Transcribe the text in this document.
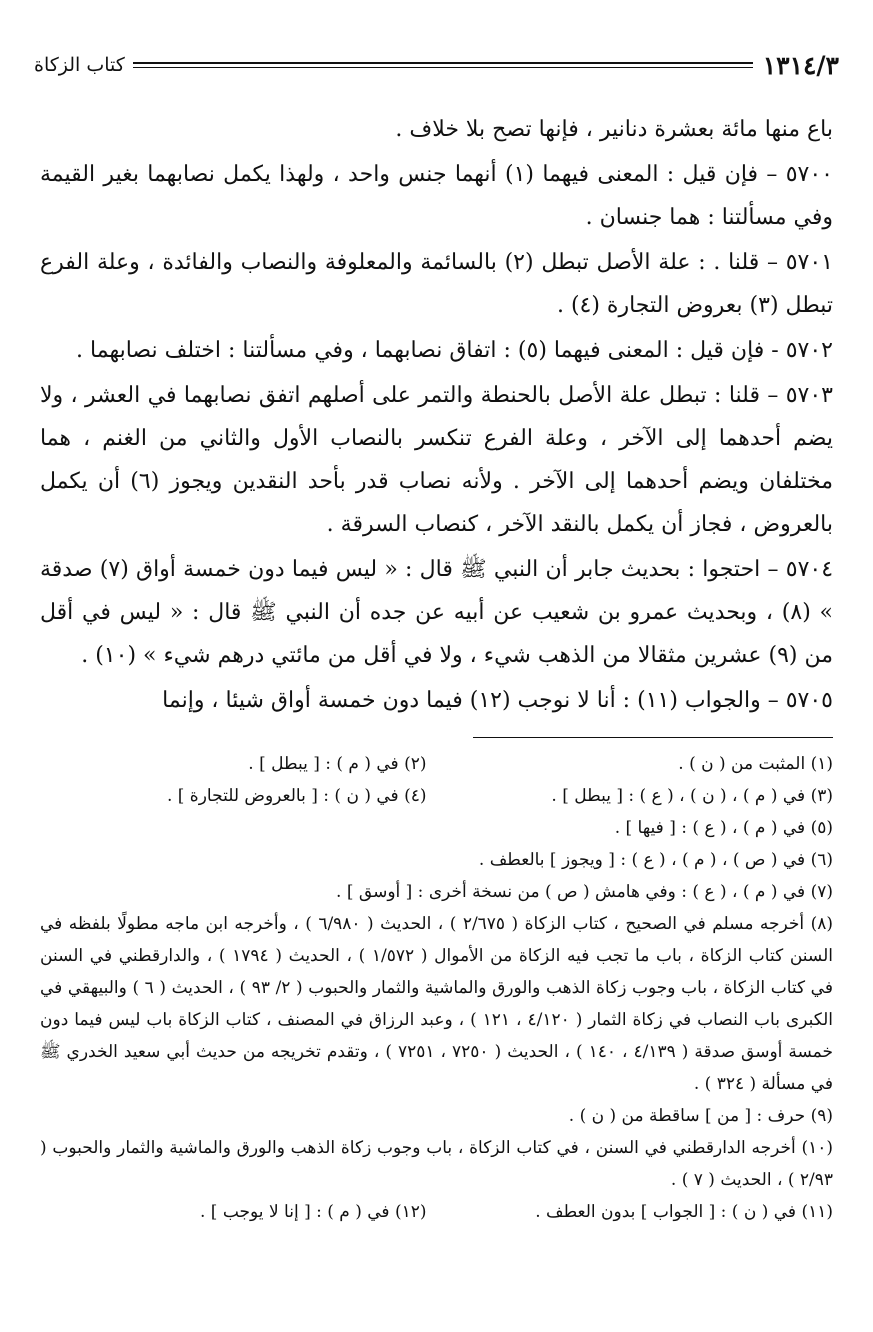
١٣١٤/٣
كتاب الزكاة

باع منها مائة بعشرة دنانير ، فإنها تصح بلا خلاف .

٥٧٠٠ – فإن قيل : المعنى فيهما (١) أنهما جنس واحد ، ولهذا يكمل نصابهما بغير القيمة وفي مسألتنا : هما جنسان .

٥٧٠١ – قلنا . : علة الأصل تبطل (٢) بالسائمة والمعلوفة والنصاب والفائدة ، وعلة الفرع تبطل (٣) بعروض التجارة (٤) .

٥٧٠٢ - فإن قيل : المعنى فيهما (٥) : اتفاق نصابهما ، وفي مسألتنا : اختلف نصابهما .

٥٧٠٣ – قلنا : تبطل علة الأصل بالحنطة والتمر على أصلهم اتفق نصابهما في العشر ، ولا يضم أحدهما إلى الآخر ، وعلة الفرع تنكسر بالنصاب الأول والثاني من الغنم ، هما مختلفان ويضم أحدهما إلى الآخر . ولأنه نصاب قدر بأحد النقدين ويجوز (٦) أن يكمل بالعروض ، فجاز أن يكمل بالنقد الآخر ، كنصاب السرقة .

٥٧٠٤ – احتجوا : بحديث جابر أن النبي ﷺ قال : « ليس فيما دون خمسة أواق (٧) صدقة » (٨) ، وبحديث عمرو بن شعيب عن أبيه عن جده أن النبي ﷺ قال : « ليس في أقل من (٩) عشرين مثقالا من الذهب شيء ، ولا في أقل من مائتي درهم شيء » (١٠) .

٥٧٠٥ – والجواب (١١) : أنا لا نوجب (١٢) فيما دون خمسة أواق شيئا ، وإنما

(١) المثبت من ( ن ) .
(٢) في ( م ) : [ يبطل ] .
(٣) في ( م ) ، ( ن ) ، ( ع ) : [ يبطل ] .
(٤) في ( ن ) : [ بالعروض للتجارة ] .
(٥) في ( م ) ، ( ع ) : [ فيها ] .
(٦) في ( ص ) ، ( م ) ، ( ع ) : [ ويجوز ] بالعطف .
(٧) في ( م ) ، ( ع ) : وفي هامش ( ص ) من نسخة أخرى : [ أوسق ] .
(٨) أخرجه مسلم في الصحيح ، كتاب الزكاة ( ٢/٦٧٥ ) ، الحديث ( ٦/٩٨٠ ) ، وأخرجه ابن ماجه مطولًا بلفظه في السنن كتاب الزكاة ، باب ما تجب فيه الزكاة من الأموال ( ١/٥٧٢ ) ، الحديث ( ١٧٩٤ ) ، والدارقطني في السنن في كتاب الزكاة ، باب وجوب زكاة الذهب والورق والماشية والثمار والحبوب ( ٢/ ٩٣ ) ، الحديث ( ٦ ) والبيهقي في الكبرى باب النصاب في زكاة الثمار ( ٤/١٢٠ ، ١٢١ ) ، وعبد الرزاق في المصنف ، كتاب الزكاة باب ليس فيما دون خمسة أوسق صدقة ( ٤/١٣٩ ، ١٤٠ ) ، الحديث ( ٧٢٥٠ ، ٧٢٥١ ) ، وتقدم تخريجه من حديث أبي سعيد الخدري ﷺ في مسألة ( ٣٢٤ ) .
(٩) حرف : [ من ] ساقطة من ( ن ) .
(١٠) أخرجه الدارقطني في السنن ، في كتاب الزكاة ، باب وجوب زكاة الذهب والورق والماشية والثمار والحبوب ( ٢/٩٣ ) ، الحديث ( ٧ ) .
(١١) في ( ن ) : [ الجواب ] بدون العطف .
(١٢) في ( م ) : [ إنا لا يوجب ] .
